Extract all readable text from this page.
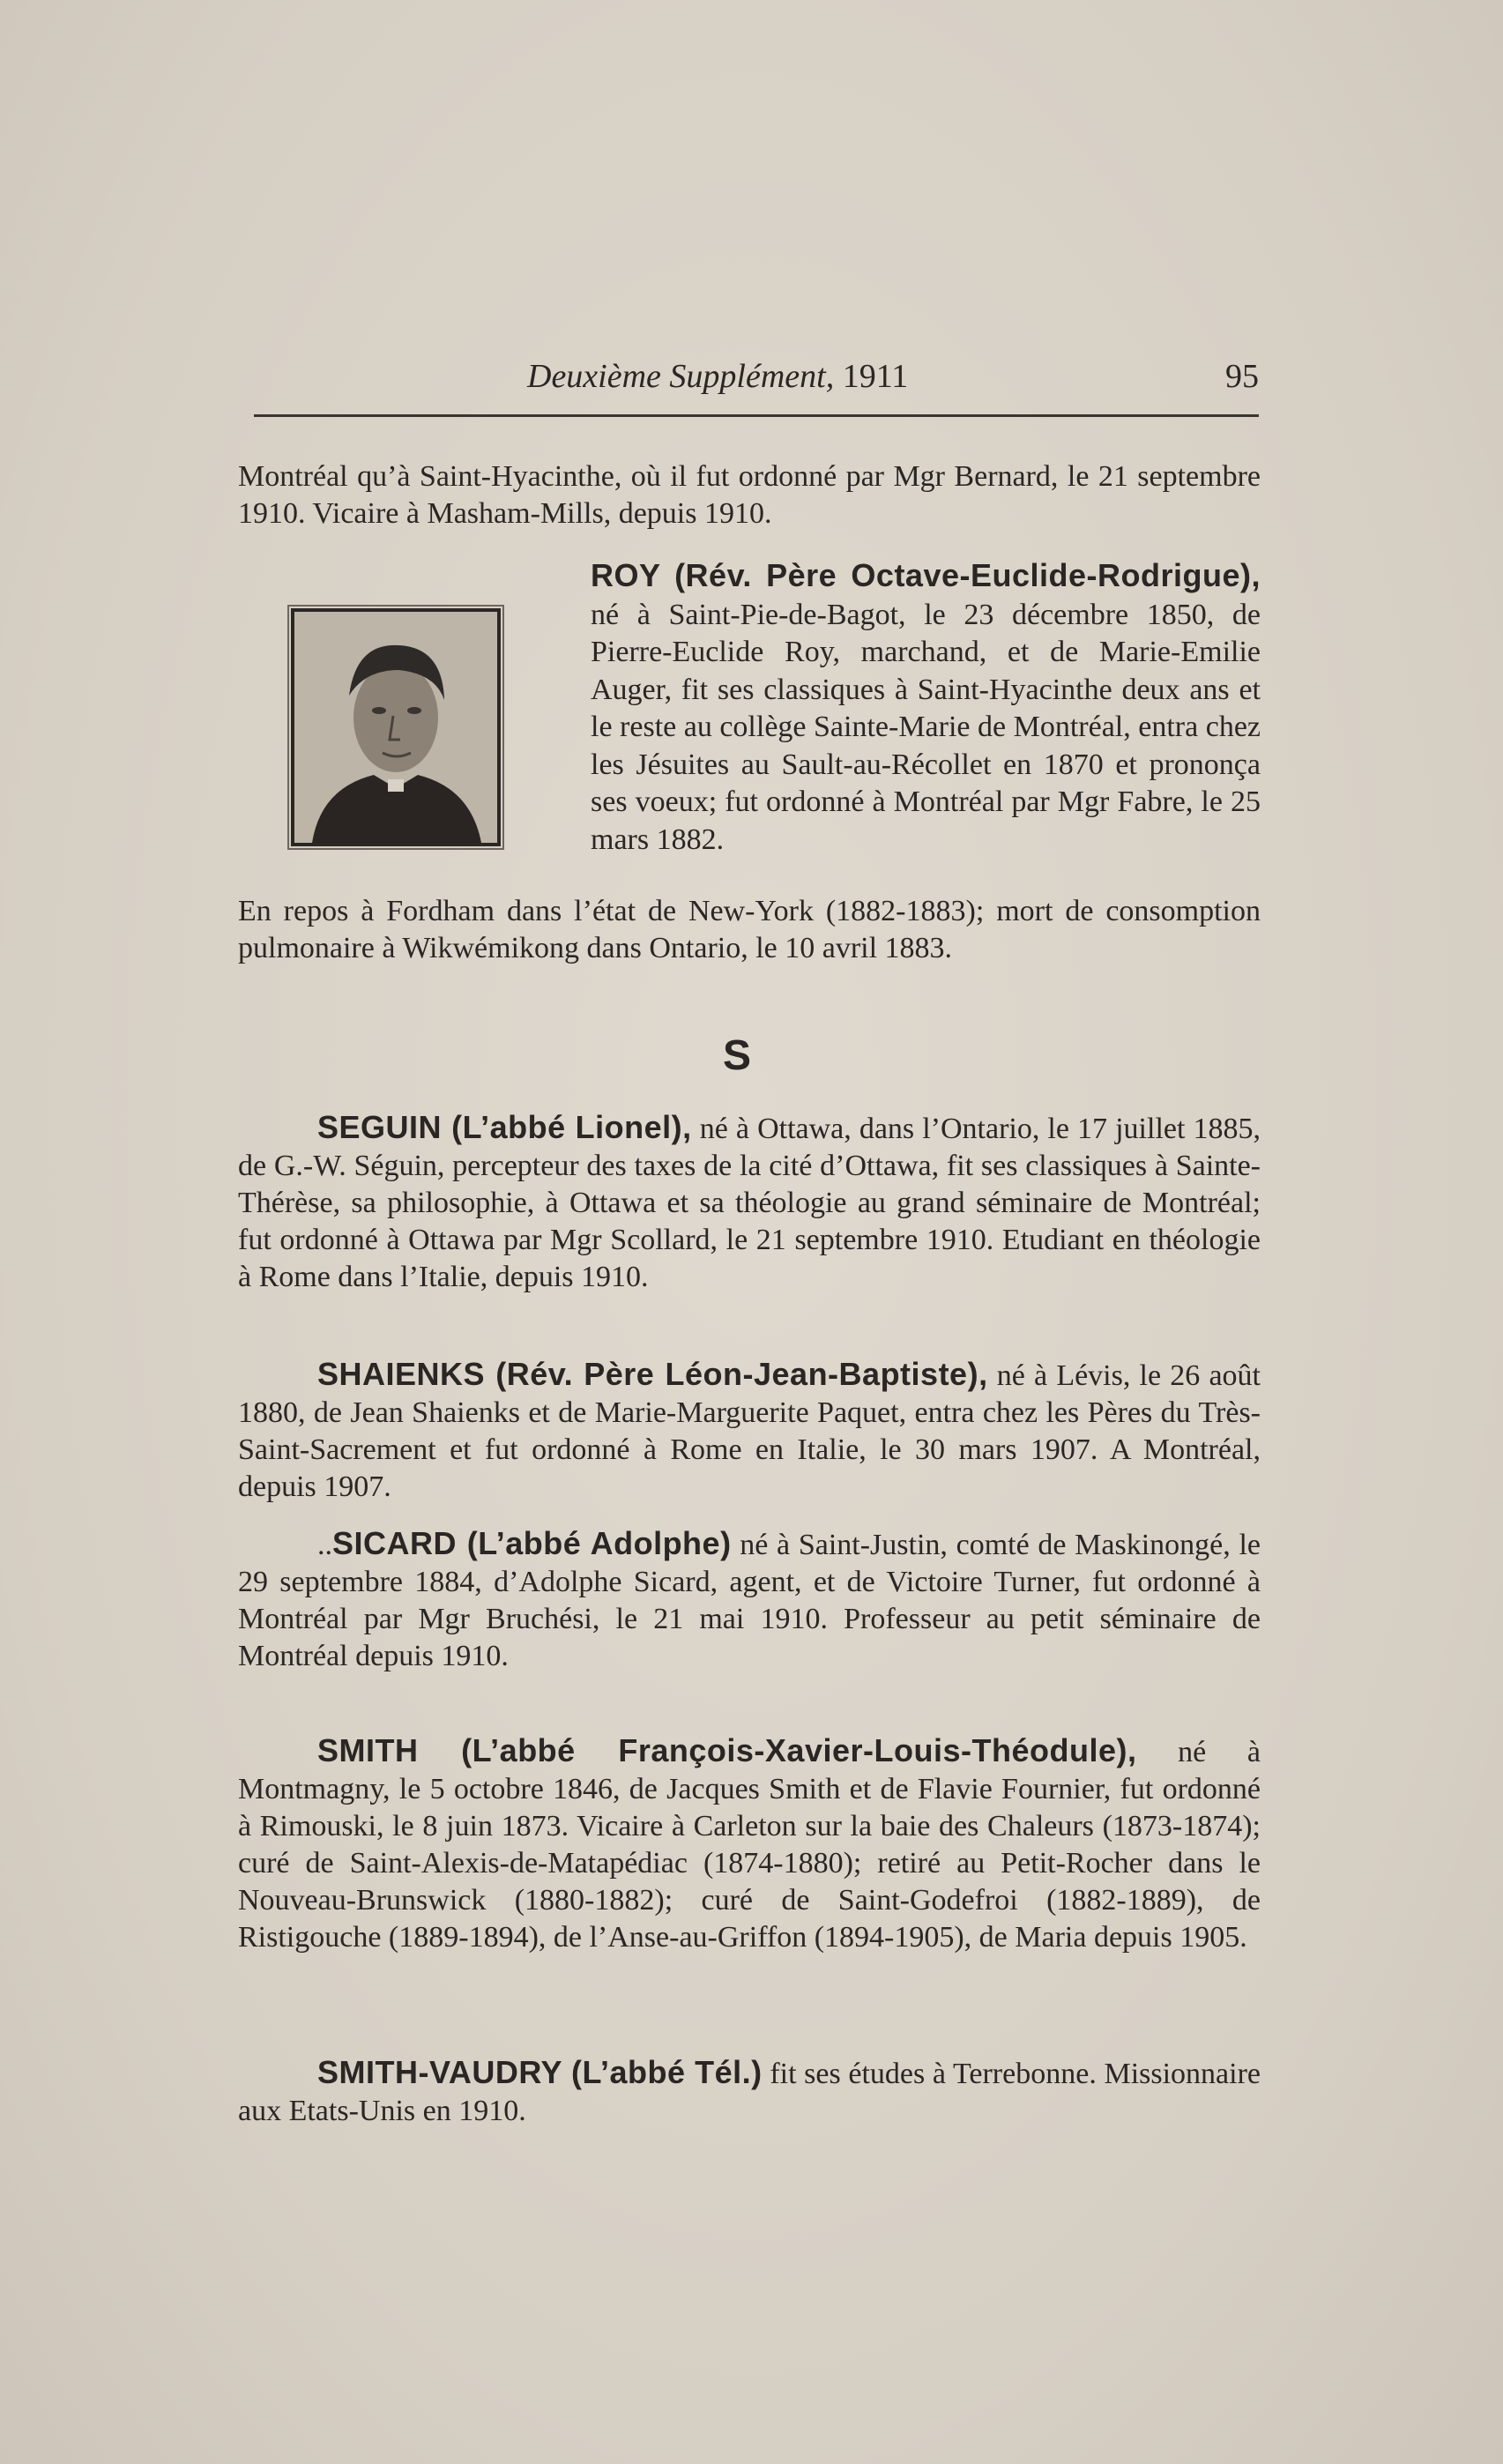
Deuxième Supplément, 1911	95
Montréal qu’à Saint-Hyacinthe, où il fut ordonné par Mgr Bernard, le 21 septembre 1910. Vicaire à Masham-Mills, depuis 1910.
ROY (Rév. Père Octave-Euclide-Rodrigue), né à Saint-Pie-de-Bagot, le 23 décembre 1850, de Pierre-Euclide Roy, marchand, et de Marie-Emilie Auger, fit ses classiques à Saint-Hyacinthe deux ans et le reste au collège Sainte-Marie de Montréal, entra chez les Jésuites au Sault-au-Récollet en 1870 et prononça ses voeux; fut ordonné à Montréal par Mgr Fabre, le 25 mars 1882.
En repos à Fordham dans l’état de New-York (1882-1883); mort de consomption pulmonaire à Wikwémikong dans Ontario, le 10 avril 1883.
S
SEGUIN (L’abbé Lionel), né à Ottawa, dans l’Ontario, le 17 juillet 1885, de G.-W. Séguin, percepteur des taxes de la cité d’Ottawa, fit ses classiques à Sainte-Thérèse, sa philosophie, à Ottawa et sa théologie au grand séminaire de Montréal; fut ordonné à Ottawa par Mgr Scollard, le 21 septembre 1910. Etudiant en théologie à Rome dans l’Italie, depuis 1910.
SHAIENKS (Rév. Père Léon-Jean-Baptiste), né à Lévis, le 26 août 1880, de Jean Shaienks et de Marie-Marguerite Paquet, entra chez les Pères du Très-Saint-Sacrement et fut ordonné à Rome en Italie, le 30 mars 1907. A Montréal, depuis 1907.
..SICARD (L’abbé Adolphe) né à Saint-Justin, comté de Maskinongé, le 29 septembre 1884, d’Adolphe Sicard, agent, et de Victoire Turner, fut ordonné à Montréal par Mgr Bruchési, le 21 mai 1910. Professeur au petit séminaire de Montréal depuis 1910.
SMITH (L’abbé François-Xavier-Louis-Théodule), né à Montmagny, le 5 octobre 1846, de Jacques Smith et de Flavie Fournier, fut ordonné à Rimouski, le 8 juin 1873. Vicaire à Carleton sur la baie des Chaleurs (1873-1874); curé de Saint-Alexis-de-Matapédiac (1874-1880); retiré au Petit-Rocher dans le Nouveau-Brunswick (1880-1882); curé de Saint-Godefroi (1882-1889), de Ristigouche (1889-1894), de l’Anse-au-Griffon (1894-1905), de Maria depuis 1905.
SMITH-VAUDRY (L’abbé Tél.) fit ses études à Terrebonne. Missionnaire aux Etats-Unis en 1910.
